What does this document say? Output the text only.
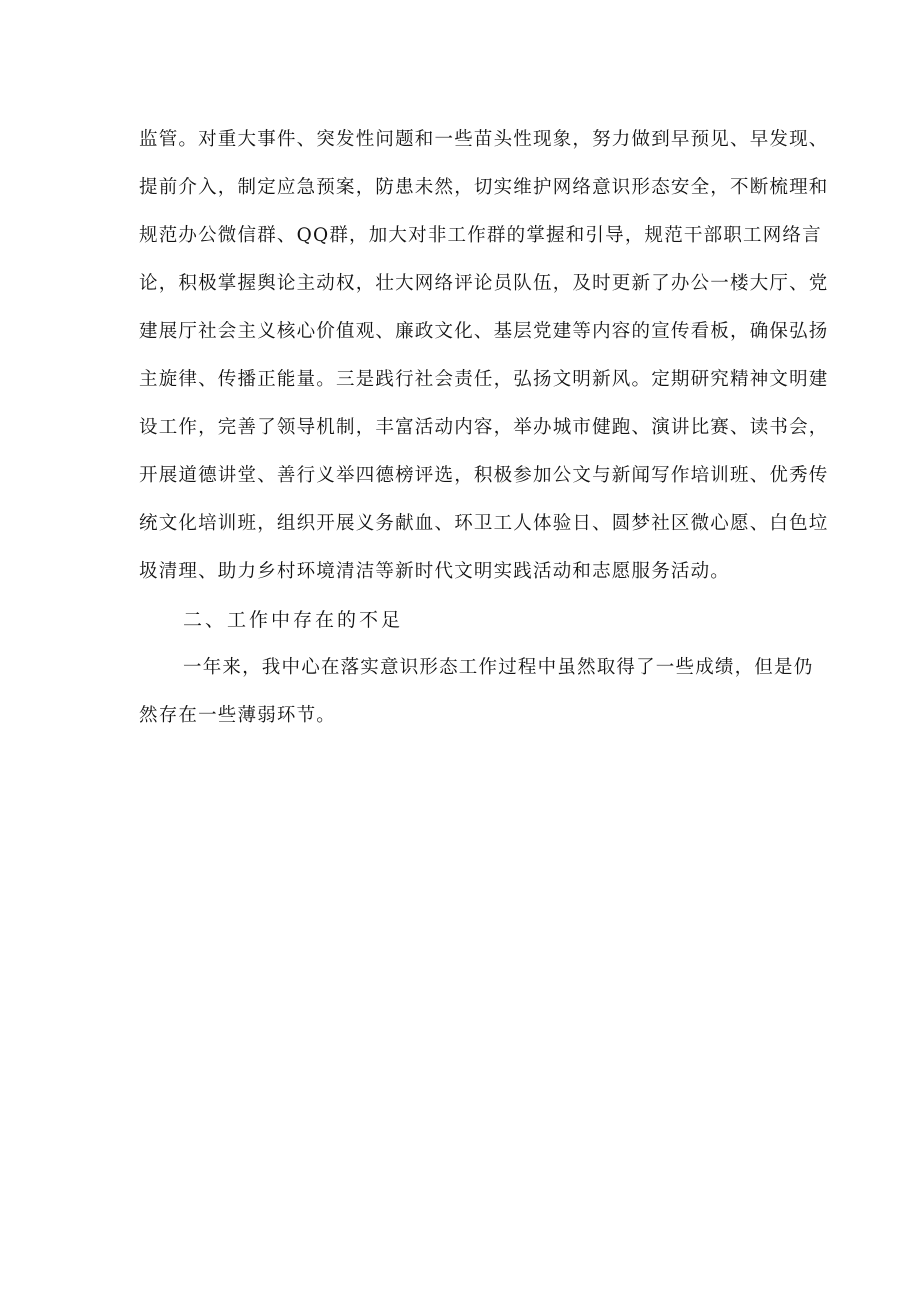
监管。对重大事件、突发性问题和一些苗头性现象，努力做到早预见、早发现、
提前介入，制定应急预案，防患未然，切实维护网络意识形态安全，不断梳理和
规范办公微信群、QQ群，加大对非工作群的掌握和引导，规范干部职工网络言
论，积极掌握舆论主动权，壮大网络评论员队伍，及时更新了办公一楼大厅、党
建展厅社会主义核心价值观、廉政文化、基层党建等内容的宣传看板，确保弘扬
主旋律、传播正能量。三是践行社会责任，弘扬文明新风。定期研究精神文明建
设工作，完善了领导机制，丰富活动内容，举办城市健跑、演讲比赛、读书会，
开展道德讲堂、善行义举四德榜评选，积极参加公文与新闻写作培训班、优秀传
统文化培训班，组织开展义务献血、环卫工人体验日、圆梦社区微心愿、白色垃
圾清理、助力乡村环境清洁等新时代文明实践活动和志愿服务活动。
二、工作中存在的不足
一年来，我中心在落实意识形态工作过程中虽然取得了一些成绩，但是仍
然存在一些薄弱环节。
